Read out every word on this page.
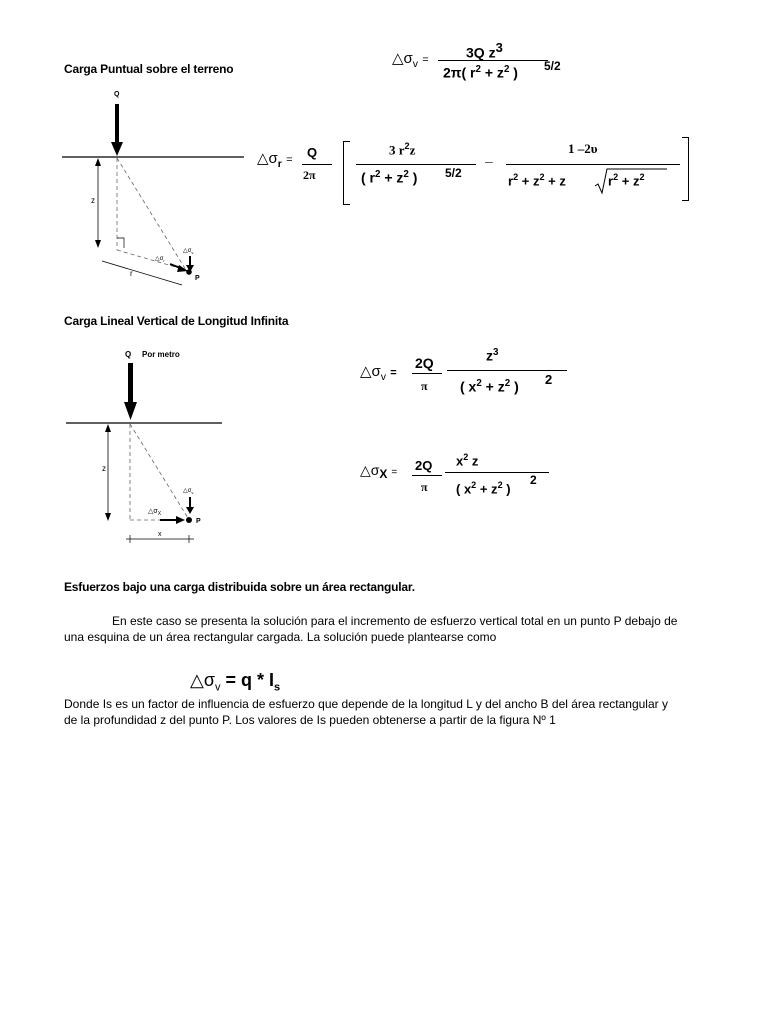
Carga Puntual sobre el terreno
$\triangle\sigma_v$ =	3Q $z^3$
2π( $r^2 + z^2$ ) 5/2
Q
z
r
$\triangle\sigma_v$
$\triangle\sigma_r$
P
$\triangle\sigma_r = Q$
2π
3 $r^2z$
( $r^2 + z^2$ ) 5/2
–
1 –2υ
$r^2 + z^2 + z$	$r^2 + z^2$
Carga Lineal Vertical de Longitud Infinita
Q Por metro
z
$\triangle\sigma_v$
$\triangle\sigma_X$
P
x
$\triangle\sigma_v$ =
2Q
π
$z^3$
( $x^2 + z^2$ ) 2
△σX = 2Q
π
$x^2$ z
( $x^2 + z^2$ )
2
Esfuerzos bajo una carga distribuida sobre un área rectangular.
En este caso se presenta la solución para el incremento de esfuerzo vertical total en un punto P debajo de
una esquina de un área rectangular cargada. La solución puede plantearse como
$\triangle\sigma_v = q * I_s$
Donde Is es un factor de influencia de esfuerzo que depende de la longitud L y del ancho B del área rectangular y
de la profundidad z del punto P. Los valores de Is pueden obtenerse a partir de la figura Nº 1
